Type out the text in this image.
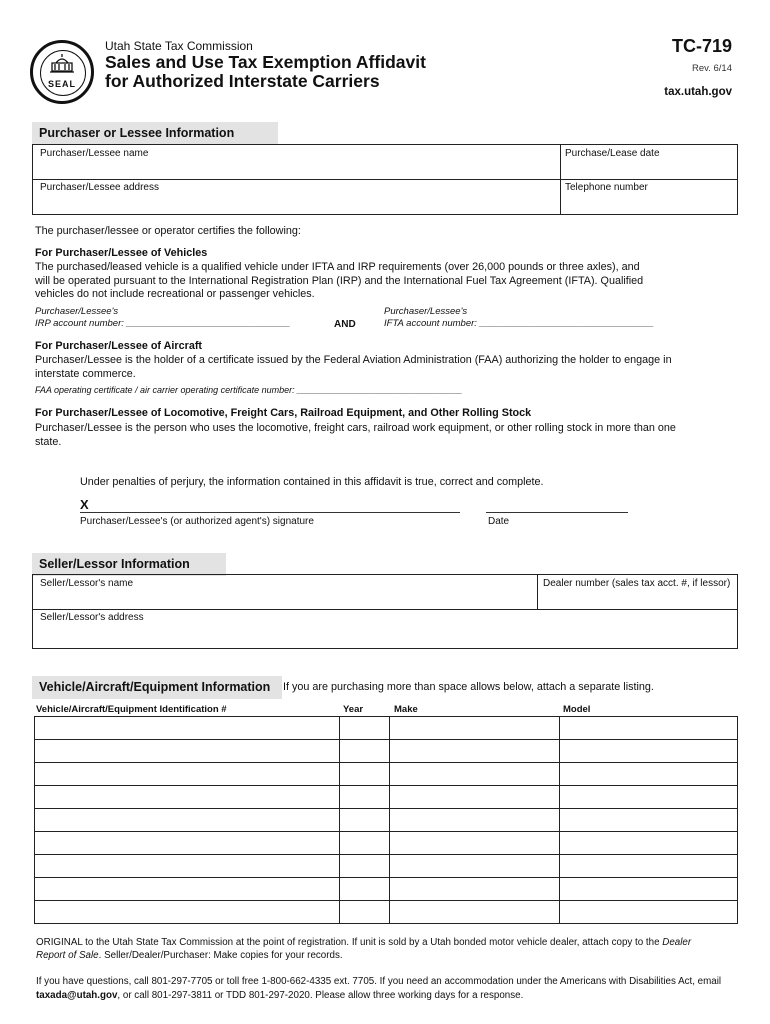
SEAL
Utah State Tax Commission
Sales and Use Tax Exemption Affidavit
for Authorized Interstate Carriers
TC-719
Rev. 6/14
tax.utah.gov
Purchaser or Lessee Information
Purchaser/Lessee name	Purchase/Lease date
Purchaser/Lessee address	Telephone number
The purchaser/lessee or operator certifies the following:
For Purchaser/Lessee of Vehicles
The purchased/leased vehicle is a qualified vehicle under IFTA and IRP requirements (over 26,000 pounds or three axles), and
will be operated pursuant to the International Registration Plan (IRP) and the International Fuel Tax Agreement (IFTA). Qualified
vehicles do not include recreational or passenger vehicles.
Purchaser/Lessee's
IRP account number: _______________________________	AND
Purchaser/Lessee's
IFTA account number: _________________________________
For Purchaser/Lessee of Aircraft
Purchaser/Lessee is the holder of a certificate issued by the Federal Aviation Administration (FAA) authorizing the holder to engage in
interstate commerce.
FAA operating certificate / air carrier operating certificate number: _________________________________
For Purchaser/Lessee of Locomotive, Freight Cars, Railroad Equipment, and Other Rolling Stock
Purchaser/Lessee is the person who uses the locomotive, freight cars, railroad work equipment, or other rolling stock in more than one
state.
Under penalties of perjury, the information contained in this affidavit is true, correct and complete.
X
Purchaser/Lessee's (or authorized agent's) signature	Date
Seller/Lessor Information
Seller/Lessor's name	Dealer number (sales tax acct. #, if lessor)
Seller/Lessor's address
Vehicle/Aircraft/Equipment Information	If you are purchasing more than space allows below, attach a separate listing.
Vehicle/Aircraft/Equipment Identification #	Year	Make	Model

ORIGINAL to the Utah State Tax Commission at the point of registration. If unit is sold by a Utah bonded motor vehicle dealer, attach copy to the Dealer
Report of Sale. Seller/Dealer/Purchaser: Make copies for your records.
If you have questions, call 801-297-7705 or toll free 1-800-662-4335 ext. 7705. If you need an accommodation under the Americans with Disabilities Act, email
taxada@utah.gov, or call 801-297-3811 or TDD 801-297-2020. Please allow three working days for a response.
